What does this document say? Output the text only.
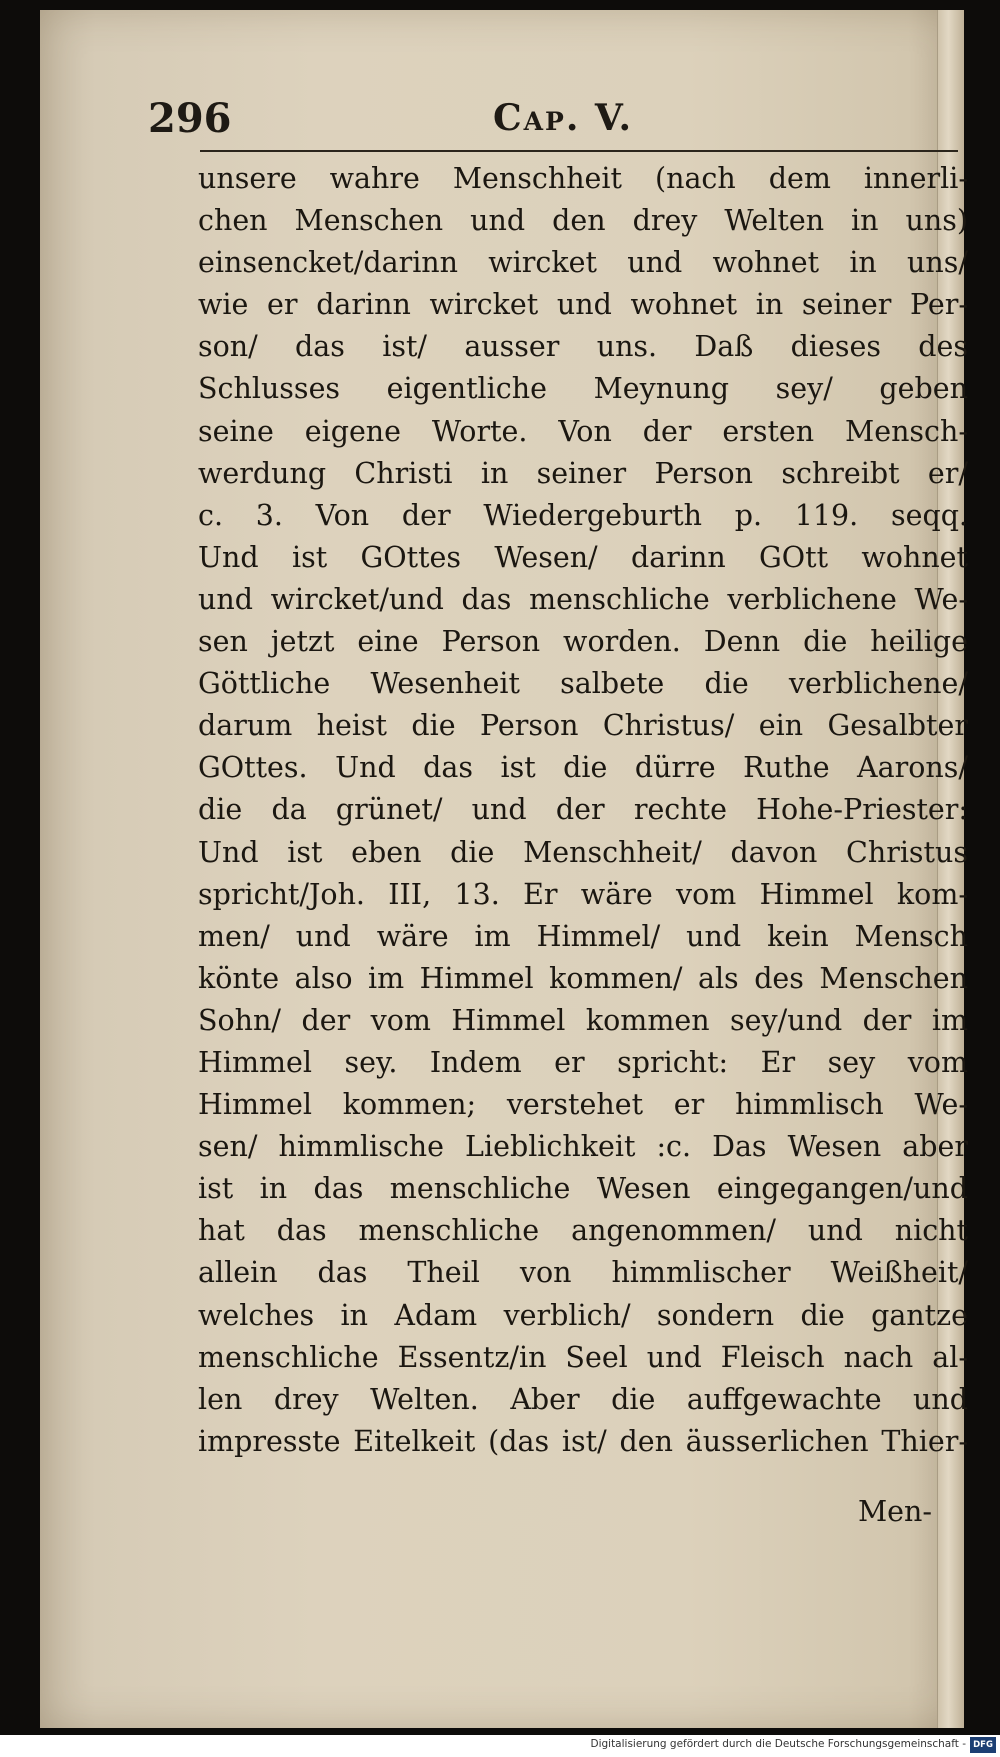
296	Cap. V.
unsere wahre Menschheit (nach dem innerli-
chen Menschen und den drey Welten in uns)
einsencket/darinn wircket und wohnet in uns/
wie er darinn wircket und wohnet in seiner Per-
son/ das ist/ ausser uns. Daß dieses des
Schlusses eigentliche Meynung sey/ geben
seine eigene Worte. Von der ersten Mensch-
werdung Christi in seiner Person schreibt er/
c. 3. Von der Wiedergeburth p. 119. seqq.
Und ist GOttes Wesen/ darinn GOtt wohnet
und wircket/und das menschliche verblichene We-
sen jetzt eine Person worden. Denn die heilige
Göttliche Wesenheit salbete die verblichene/
darum heist die Person Christus/ ein Gesalbter
GOttes. Und das ist die dürre Ruthe Aarons/
die da grünet/ und der rechte Hohe-Priester:
Und ist eben die Menschheit/ davon Christus
spricht/Joh. III, 13. Er wäre vom Himmel kom-
men/ und wäre im Himmel/ und kein Mensch
könte also im Himmel kommen/ als des Menschen
Sohn/ der vom Himmel kommen sey/und der im
Himmel sey. Indem er spricht: Er sey vom
Himmel kommen; verstehet er himmlisch We-
sen/ himmlische Lieblichkeit :c. Das Wesen aber
ist in das menschliche Wesen eingegangen/und
hat das menschliche angenommen/ und nicht
allein das Theil von himmlischer Weißheit/
welches in Adam verblich/ sondern die gantze
menschliche Essentz/in Seel und Fleisch nach al-
len drey Welten. Aber die auffgewachte und
impresste Eitelkeit (das ist/ den äusserlichen Thier-
Men-
Digitalisierung gefördert durch die Deutsche Forschungsgemeinschaft - DFG
